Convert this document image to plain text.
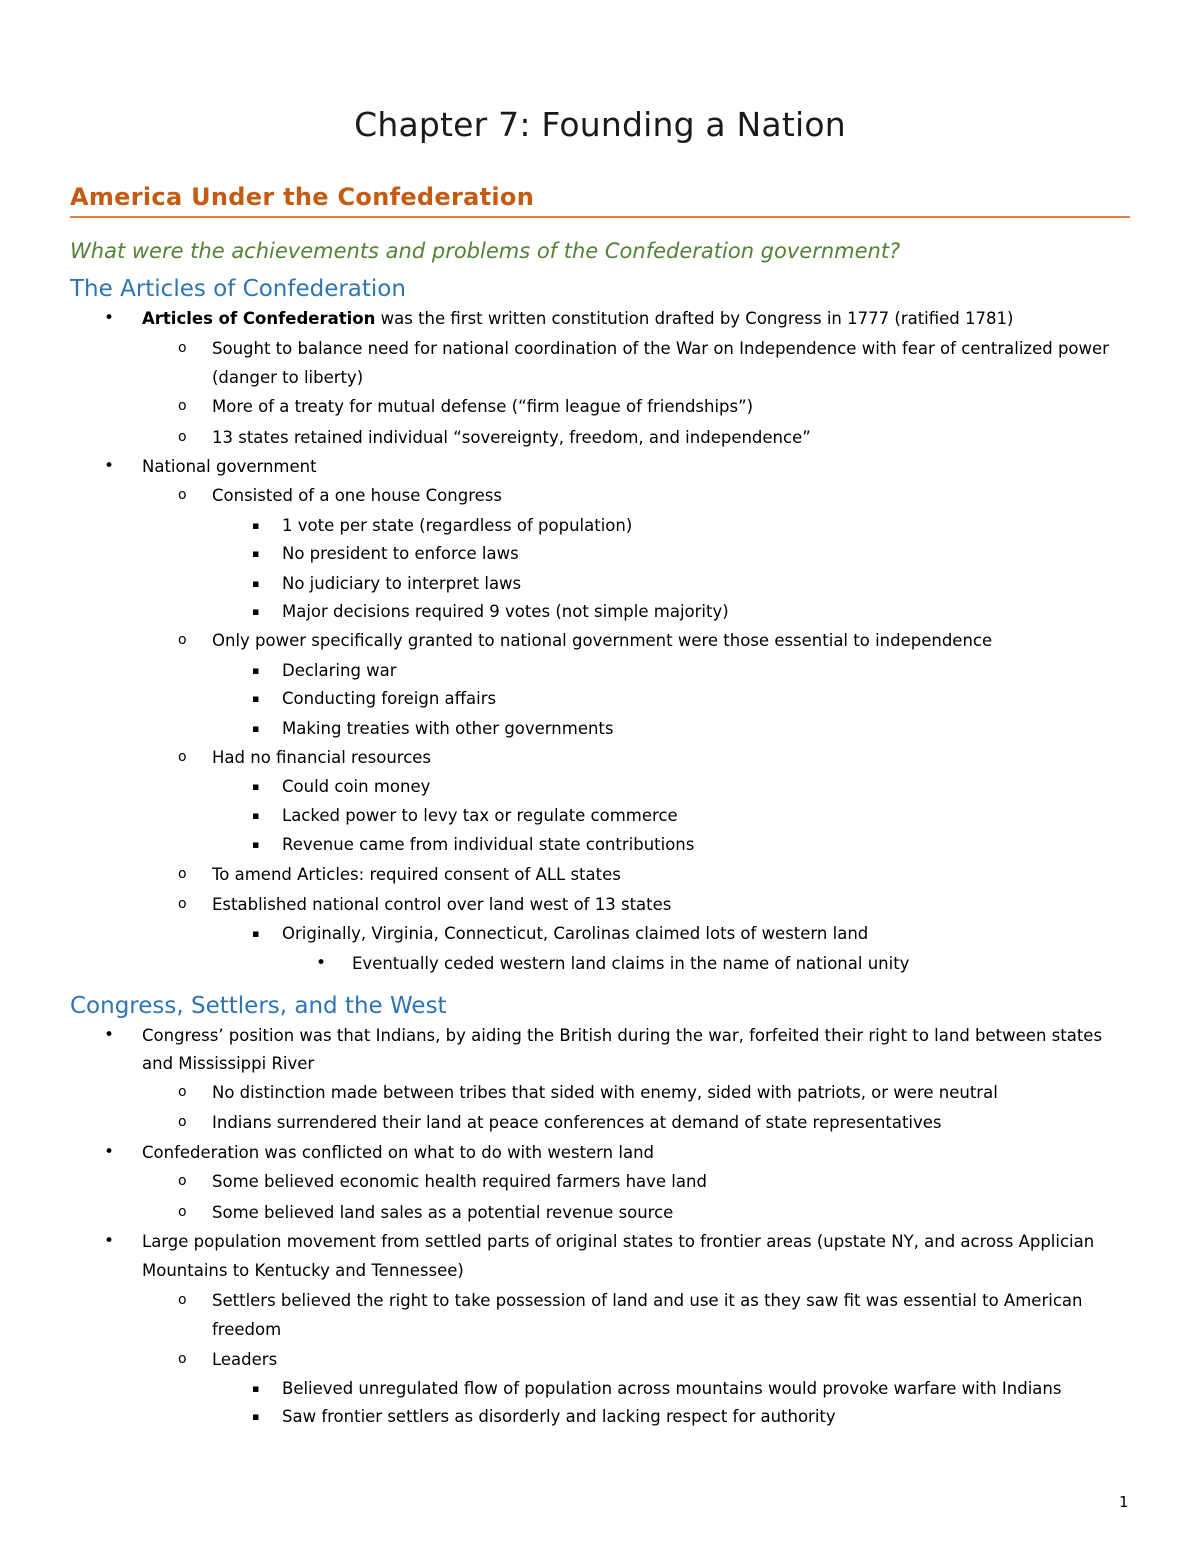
Chapter 7: Founding a Nation
America Under the Confederation
What were the achievements and problems of the Confederation government?
The Articles of Confederation
• Articles of Confederation was the first written constitution drafted by Congress in 1777 (ratified 1781)
o Sought to balance need for national coordination of the War on Independence with fear of centralized power
(danger to liberty)
o More of a treaty for mutual defense (“firm league of friendships”)
o 13 states retained individual “sovereignty, freedom, and independence”
• National government
o Consisted of a one house Congress
▪ 1 vote per state (regardless of population)
▪ No president to enforce laws
▪ No judiciary to interpret laws
▪ Major decisions required 9 votes (not simple majority)
o Only power specifically granted to national government were those essential to independence
▪ Declaring war
▪ Conducting foreign affairs
▪ Making treaties with other governments
o Had no financial resources
▪ Could coin money
▪ Lacked power to levy tax or regulate commerce
▪ Revenue came from individual state contributions
o To amend Articles: required consent of ALL states
o Established national control over land west of 13 states
▪ Originally, Virginia, Connecticut, Carolinas claimed lots of western land
• Eventually ceded western land claims in the name of national unity
Congress, Settlers, and the West
• Congress’ position was that Indians, by aiding the British during the war, forfeited their right to land between states
and Mississippi River
o No distinction made between tribes that sided with enemy, sided with patriots, or were neutral
o Indians surrendered their land at peace conferences at demand of state representatives
• Confederation was conflicted on what to do with western land
o Some believed economic health required farmers have land
o Some believed land sales as a potential revenue source
• Large population movement from settled parts of original states to frontier areas (upstate NY, and across Applician
Mountains to Kentucky and Tennessee)
o Settlers believed the right to take possession of land and use it as they saw fit was essential to American
freedom
o Leaders
▪ Believed unregulated flow of population across mountains would provoke warfare with Indians
▪ Saw frontier settlers as disorderly and lacking respect for authority
1
